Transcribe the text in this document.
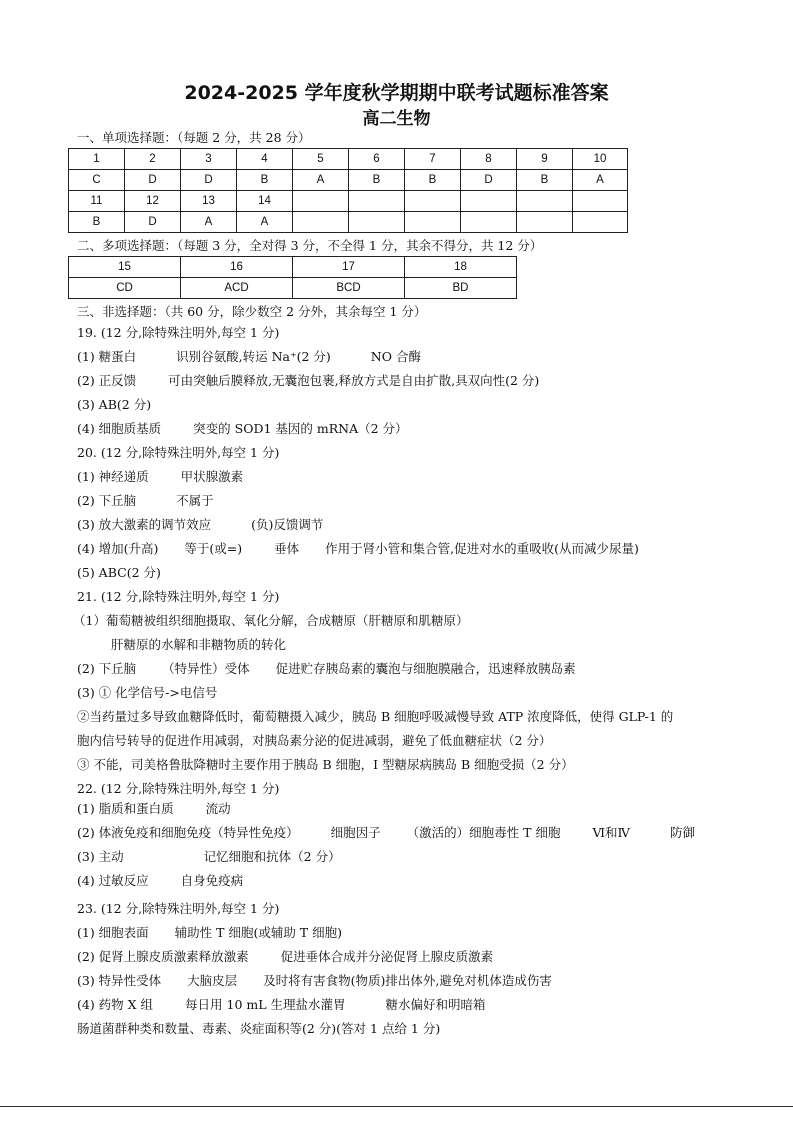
2024-2025 学年度秋学期期中联考试题标准答案
高二生物
一、单项选择题：（每题 2 分，共 28 分）
1	2	3	4	5	6	7	8	9	10
C	D	D	B	A	B	B	D	B	A
11	12	13	14						
B	D	A	A						
二、多项选择题：（每题 3 分，全对得 3 分，不全得 1 分，其余不得分，共 12 分）
15	16	17	18
CD	ACD	BCD	BD
三、非选择题：（共 60 分，除少数空 2 分外，其余每空 1 分）
19. (12 分,除特殊注明外,每空 1 分)
(1) 糖蛋白	识别谷氨酸,转运 Na⁺(2 分)	NO 合酶
(2) 正反馈	可由突触后膜释放,无囊泡包裹,释放方式是自由扩散,具双向性(2 分)
(3) AB(2 分)
(4) 细胞质基质	突变的 SOD1 基因的 mRNA（2 分）
20. (12 分,除特殊注明外,每空 1 分)
(1) 神经递质	甲状腺激素
(2) 下丘脑	不属于
(3) 放大激素的调节效应	(负)反馈调节
(4) 增加(升高) 等于(或=)	垂体 作用于肾小管和集合管,促进对水的重吸收(从而减少尿量)
(5) ABC(2 分)
21. (12 分,除特殊注明外,每空 1 分)
（1）葡萄糖被组织细胞摄取、氧化分解，合成糖原（肝糖原和肌糖原）
肝糖原的水解和非糖物质的转化
(2) 下丘脑 （特异性）受体 促进贮存胰岛素的囊泡与细胞膜融合，迅速释放胰岛素
(3) ① 化学信号->电信号
②当药量过多导致血糖降低时，葡萄糖摄入减少，胰岛 B 细胞呼吸减慢导致 ATP 浓度降低，使得 GLP-1 的
胞内信号转导的促进作用减弱，对胰岛素分泌的促进减弱，避免了低血糖症状（2 分）
③ 不能，司美格鲁肽降糖时主要作用于胰岛 B 细胞，I 型糖尿病胰岛 B 细胞受损（2 分）
22. (12 分,除特殊注明外,每空 1 分)
(1) 脂质和蛋白质	流动
(2) 体液免疫和细胞免疫（特异性免疫）	细胞因子 （激活的）细胞毒性 T 细胞	Ⅵ和Ⅳ	防御
(3) 主动	记忆细胞和抗体（2 分）
(4) 过敏反应	自身免疫病
23. (12 分,除特殊注明外,每空 1 分)
(1) 细胞表面 辅助性 T 细胞(或辅助 T 细胞)
(2) 促肾上腺皮质激素释放激素	促进垂体合成并分泌促肾上腺皮质激素
(3) 特异性受体 大脑皮层 及时将有害食物(物质)排出体外,避免对机体造成伤害
(4) 药物 X 组	每日用 10 mL 生理盐水灌胃	糖水偏好和明暗箱
肠道菌群种类和数量、毒素、炎症面积等(2 分)(答对 1 点给 1 分)
